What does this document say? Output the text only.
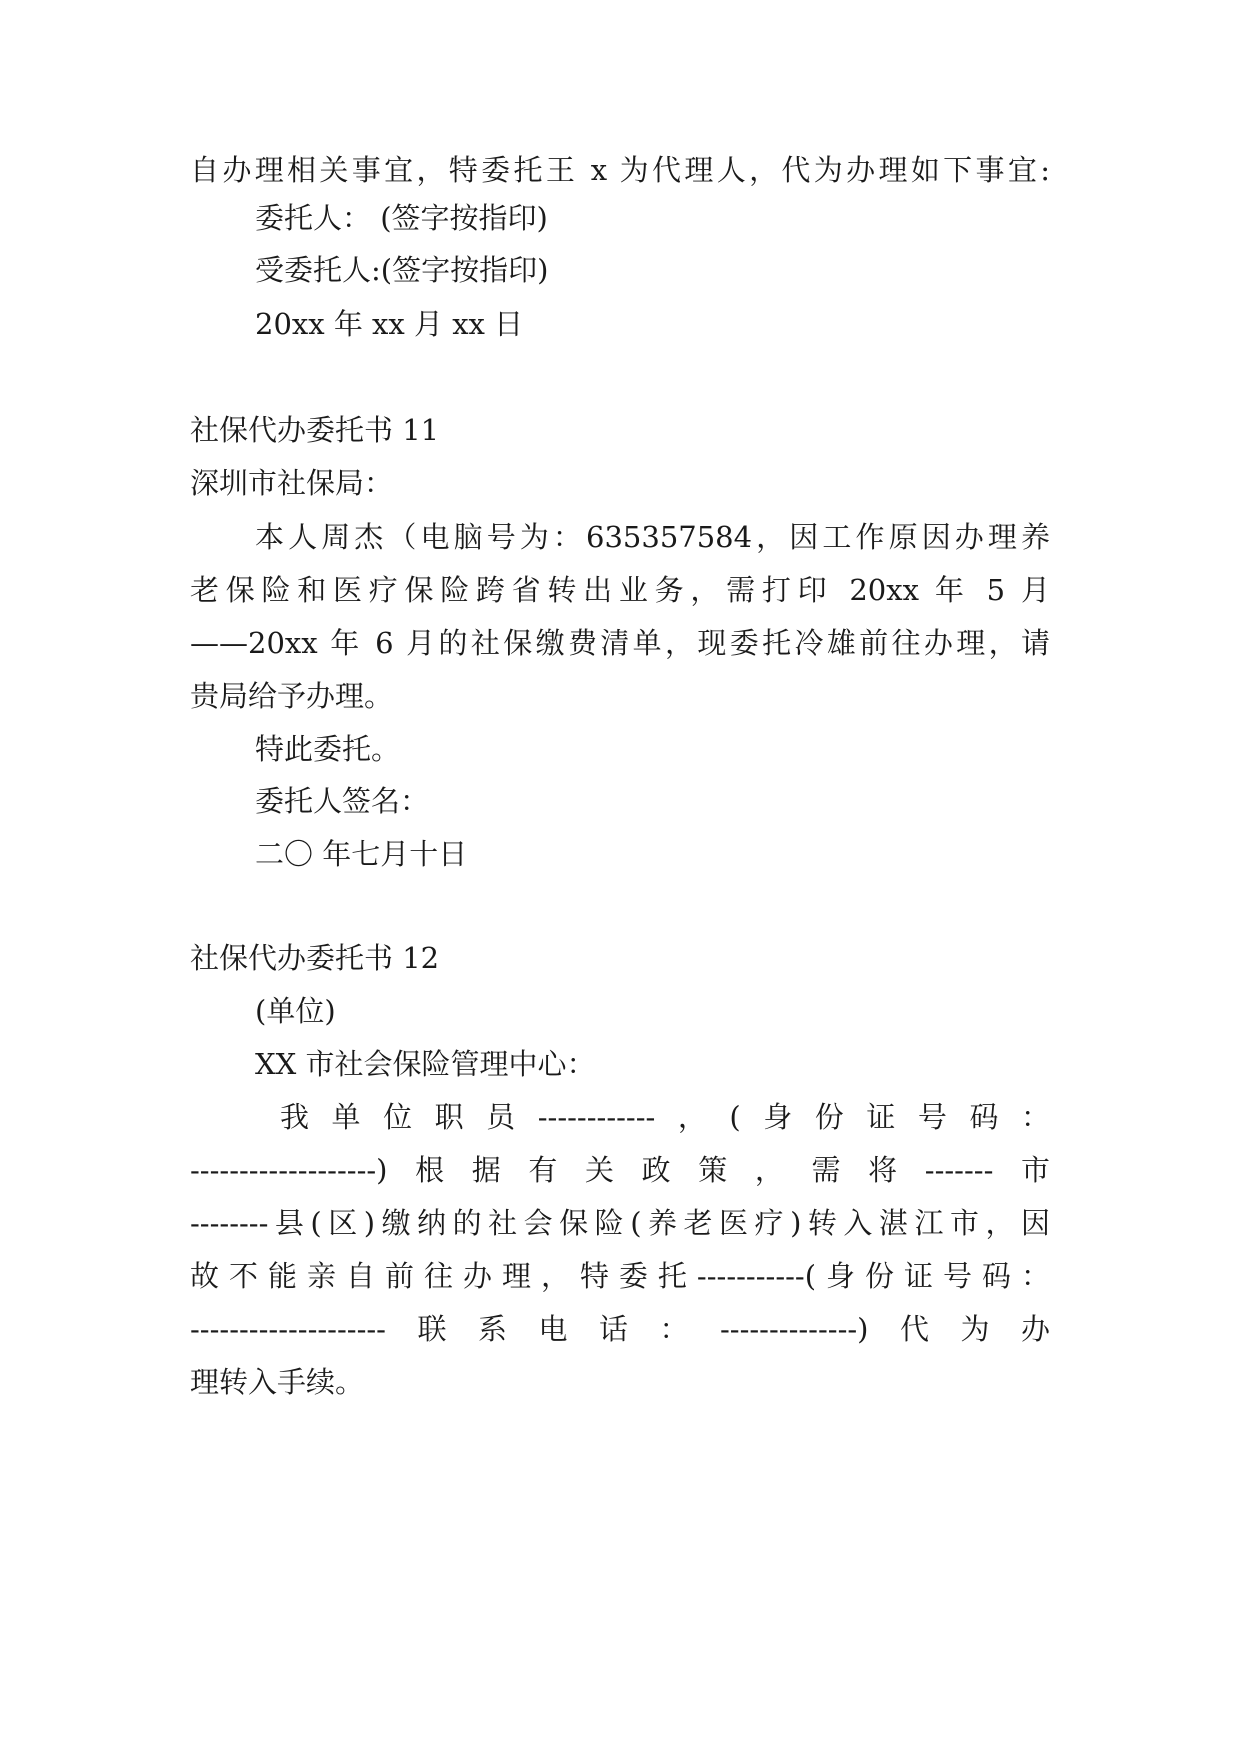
自办理相关事宜，特委托王 x 为代理人，代为办理如下事宜:
委托人： (签字按指印)
受委托人:(签字按指印)
20xx 年 xx 月 xx 日
社保代办委托书 11
深圳市社保局：
本人周杰（电脑号为：635357584，因工作原因办理养
老保险和医疗保险跨省转出业务，需打印 20xx 年 5 月
——20xx 年 6 月的社保缴费清单，现委托冷雄前往办理，请
贵局给予办理。
特此委托。
委托人签名：
二〇 年七月十日
社保代办委托书 12
(单位)
XX 市社会保险管理中心：
我单位职员------------，(身份证号码：
-------------------)根据有关政策，需将-------市
--------县(区)缴纳的社会保险(养老医疗)转入湛江市，因
故不能亲自前往办理，特委托-----------(身份证号码：
--------------------联系电话：--------------)代为办
理转入手续。
